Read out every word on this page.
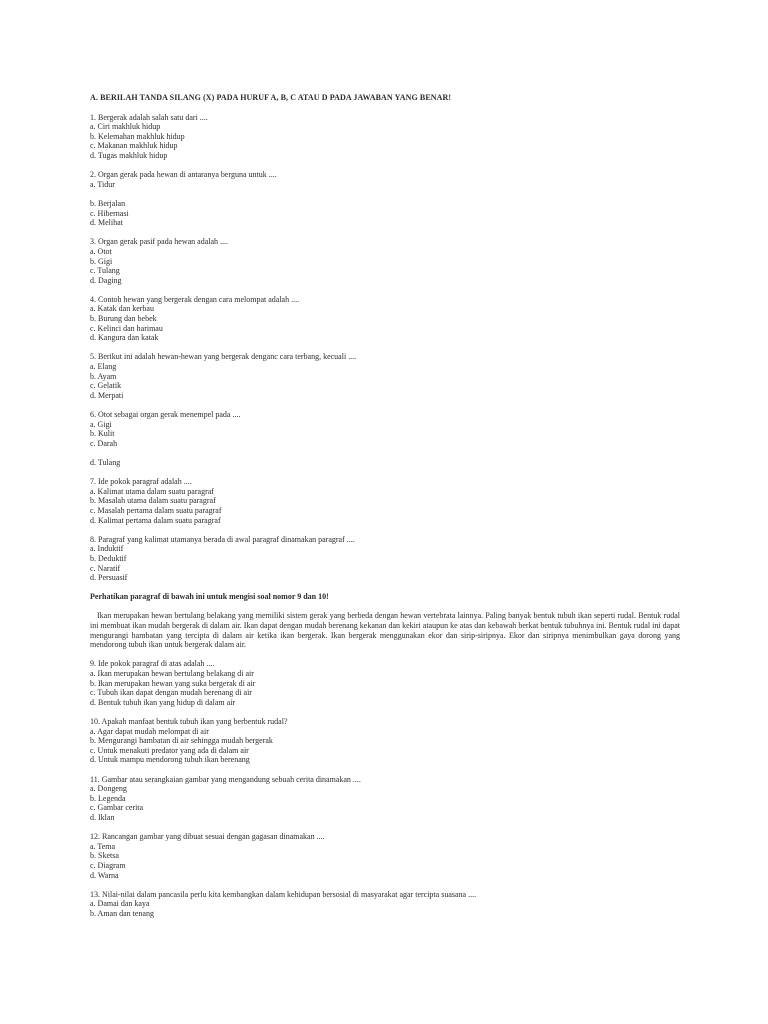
A. BERILAH TANDA SILANG (X) PADA HURUF A, B, C ATAU D PADA JAWABAN YANG BENAR!
1. Bergerak adalah salah satu dari ....
a. Ciri makhluk hidup
b. Kelemahan makhluk hidup
c. Makanan makhluk hidup
d. Tugas makhluk hidup
2. Organ gerak pada hewan di antaranya berguna untuk ....
a. Tidur
b. Berjalan
c. Hibernasi
d. Melihat
3. Organ gerak pasif pada hewan adalah ....
a. Otot
b. Gigi
c. Tulang
d. Daging
4. Contoh hewan yang bergerak dengan cara melompat adalah ....
a. Katak dan kerbau
b. Burung dan bebek
c. Kelinci dan harimau
d. Kangura dan katak
5. Berikut ini adalah hewan-hewan yang bergerak denganc cara terbang, kecuali ....
a. Elang
b. Ayam
c. Gelatik
d. Merpati
6. Otot sebagai organ gerak menempel pada ....
a. Gigi
b. Kulit
c. Darah
d. Tulang
7. Ide pokok paragraf adalah ....
a. Kalimat utama dalam suatu paragraf
b. Masalah utama dalam suatu paragraf
c. Masalah pertama dalam suatu paragraf
d. Kalimat pertama dalam suatu paragraf
8. Paragraf yang kalimat utamanya berada di awal paragraf dinamakan paragraf ....
a. Induktif
b. Deduktif
c. Naratif
d. Persuasif
Perhatikan paragraf di bawah ini untuk mengisi soal nomor 9 dan 10!
Ikan merupakan hewan bertulang belakang yang memiliki sistem gerak yang berbeda dengan hewan vertebrata lainnya. Paling banyak bentuk tubuh ikan seperti rudal. Bentuk rudal ini membuat ikan mudah bergerak di dalam air. Ikan dapat dengan mudah berenang kekanan dan kekiri ataupun ke atas dan kebawah berkat bentuk tubuhnya ini. Bentuk rudal ini dapat mengurangi hambatan yang tercipta di dalam air ketika ikan bergerak. Ikan bergerak menggunakan ekor dan sirip-siripnya. Ekor dan siripnya menimbulkan gaya dorong yang mendorong tubuh ikan untuk bergerak dalam air.
9. Ide pokok paragraf di atas adalah ....
a. Ikan merupakan hewan bertulang belakang di air
b. Ikan merupakan hewan yang suka bergerak di air
c. Tubuh ikan dapat dengan mudah berenang di air
d. Bentuk tubuh ikan yang hidup di dalam air
10. Apakah manfaat bentuk tubuh ikan yang berbentuk rudal?
a. Agar dapat mudah melompat di air
b. Mengurangi hambatan di air sehingga mudah bergerak
c. Untuk menakuti predator yang ada di dalam air
d. Untuk mampu mendorong tubuh ikan berenang
11. Gambar atau serangkaian gambar yang mengandung sebuah cerita dinamakan ....
a. Dongeng
b. Legenda
c. Gambar cerita
d. Iklan
12. Rancangan gambar yang dibuat sesuai dengan gagasan dinamakan ....
a. Tema
b. Sketsa
c. Diagram
d. Warna
13. Nilai-nilai dalam pancasila perlu kita kembangkan dalam kehidupan bersosial di masyarakat agar tercipta suasana ....
a. Damai dan kaya
b. Aman dan tenang
